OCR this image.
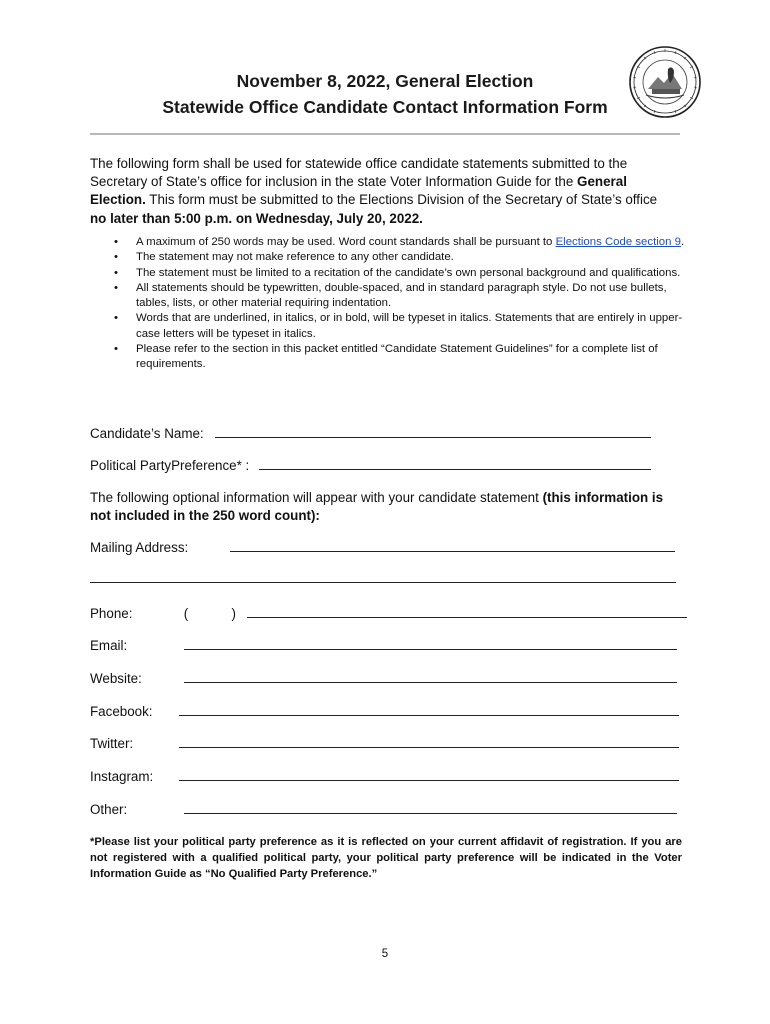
November 8, 2022, General Election
Statewide Office Candidate Contact Information Form
The following form shall be used for statewide office candidate statements submitted to the
Secretary of State’s office for inclusion in the state Voter Information Guide for the General
Election. This form must be submitted to the Elections Division of the Secretary of State’s office
no later than 5:00 p.m. on Wednesday, July 20, 2022.
• A maximum of 250 words may be used. Word count standards shall be pursuant to Elections Code section 9.
• The statement may not make reference to any other candidate.
• The statement must be limited to a recitation of the candidate’s own personal background and qualifications.
• All statements should be typewritten, double-spaced, and in standard paragraph style. Do not use bullets, tables, lists, or other material requiring indentation.
• Words that are underlined, in italics, or in bold, will be typeset in italics. Statements that are entirely in upper-case letters will be typeset in italics.
• Please refer to the section in this packet entitled “Candidate Statement Guidelines” for a complete list of requirements.
Candidate’s Name:
Political PartyPreference* :
The following optional information will appear with your candidate statement (this information is not included in the 250 word count):
Mailing Address:
Phone:	(	)
Email:
Website:
Facebook:
Twitter:
Instagram:
Other:
*Please list your political party preference as it is reflected on your current affidavit of registration. If you are not registered with a qualified political party, your political party preference will be indicated in the Voter Information Guide as “No Qualified Party Preference.”
5
